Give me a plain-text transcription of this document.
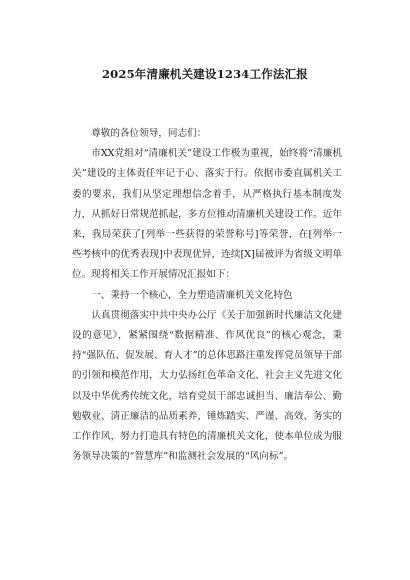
2025年清廉机关建设1234工作法汇报

尊敬的各位领导，同志们：

市XX党组对“清廉机关”建设工作极为重视，始终将“清廉机关”建设的主体责任牢记于心、落实于行。依据市委直属机关工委的要求，我们从坚定理想信念着手，从严格执行基本制度发力，从抓好日常规范抓起，多方位推动清廉机关建设工作。近年来，我局荣获了[列举一些获得的荣誉称号]等荣誉，在[列举一些考核中的优秀表现]中表现优异，连续[X]届被评为省级文明单位。现将相关工作开展情况汇报如下：

一、秉持一个核心，全力塑造清廉机关文化特色

认真贯彻落实中共中央办公厅《关于加强新时代廉洁文化建设的意见》，紧紧围绕“数据精准、作风优良”的核心观念，秉持“强队伍、促发展、育人才”的总体思路注重发挥党员领导干部的引领和模范作用，大力弘扬红色革命文化、社会主义先进文化以及中华优秀传统文化，培育党员干部忠诚担当、廉洁奉公、勤勉敬业、清正廉洁的品质素养，锤炼踏实、严谨、高效、务实的工作作风，努力打造具有特色的清廉机关文化，使本单位成为服务领导决策的“智慧库”和监测社会发展的“风向标”。
